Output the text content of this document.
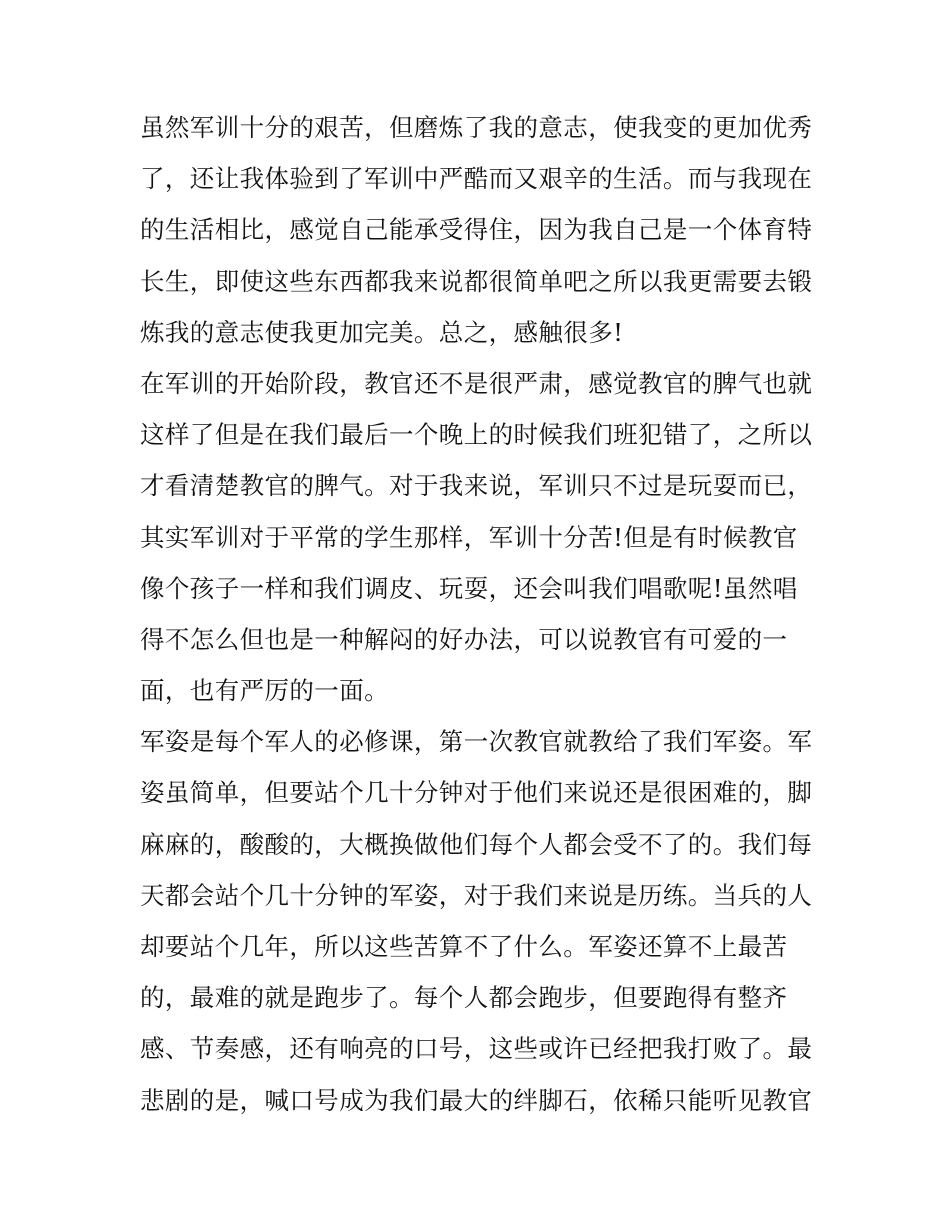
虽然军训十分的艰苦，但磨炼了我的意志，使我变的更加优秀
了，还让我体验到了军训中严酷而又艰辛的生活。而与我现在
的生活相比，感觉自己能承受得住，因为我自己是一个体育特
长生，即使这些东西都我来说都很简单吧之所以我更需要去锻
炼我的意志使我更加完美。总之，感触很多!
在军训的开始阶段，教官还不是很严肃，感觉教官的脾气也就
这样了但是在我们最后一个晚上的时候我们班犯错了，之所以
才看清楚教官的脾气。对于我来说，军训只不过是玩耍而已，
其实军训对于平常的学生那样，军训十分苦!但是有时候教官
像个孩子一样和我们调皮、玩耍，还会叫我们唱歌呢!虽然唱
得不怎么但也是一种解闷的好办法，可以说教官有可爱的一
面，也有严厉的一面。
军姿是每个军人的必修课，第一次教官就教给了我们军姿。军
姿虽简单，但要站个几十分钟对于他们来说还是很困难的，脚
麻麻的，酸酸的，大概换做他们每个人都会受不了的。我们每
天都会站个几十分钟的军姿，对于我们来说是历练。当兵的人
却要站个几年，所以这些苦算不了什么。军姿还算不上最苦
的，最难的就是跑步了。每个人都会跑步，但要跑得有整齐
感、节奏感，还有响亮的口号，这些或许已经把我打败了。最
悲剧的是，喊口号成为我们最大的绊脚石，依稀只能听见教官
